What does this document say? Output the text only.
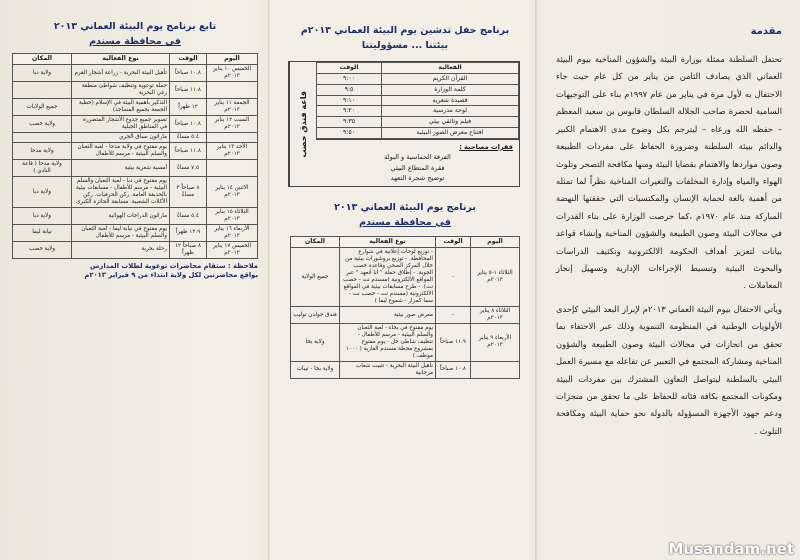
تابع برنامج يوم البيئة العماني ٢٠١٣
في محافظة مسندم
اليوم	الوقت	نوع الفعالية	المكان
الخميس ١٠ يناير ٢٠١٣م	١٠.٨ صباحاً	تأهيل البيئة البحرية - زراعة أشجار القرم	ولاية دبا
	١١.٨ صباحاً	حملة توعوية وتنظيف شواطئ منطقة زغي البحرية	
الجمعة ١١ يناير ٢٠١٣م	١٢ ظهراً	التذكير بأهمية البيئة في الإسلام (خطبة الجمعة بجميع المساجد)	جميع الولايات
السبت ١٢ يناير ٢٠١٣م	١٠.٨ صباحاً	تصوير جميع جذوع الأشجار المتضررة في المناطق الجبلية	ولاية خصب
	٥.٤ مساءً	ماراثون سباق الجري	
الأحد ١٣ يناير ٢٠١٣م	١١.٨ صباحاً	يوم مفتوح في ولاية مدحا - لعبة الثعبان والسلم البيئية - مرسم للأطفال	ولاية مدحا
	٧.٥ مساءً	أمسية شعرية بيئية	ولاية مدحا ( قاعة النادي )
الاثنين ١٤ يناير ٢٠١٣م	٨ صباحاً ٣ مساءً	يوم مفتوح في دبا - لعبة الثعبان والسلم البيئية - مرسم للأطفال - مسابقات بيئية بالحديقة العامة. ركن الحرفيات. ركن الأكلات الشعبية. مسابقة الجائزة الكبرى	ولاية دبا
الثلاثاء ١٥ يناير ٢٠١٣م	٥.٤ مساءً	ماراثون الدراجات الهوائية	ولاية دبا
الأربعاء ١٦ يناير ٢٠١٣م	١٢.٩ ظهراً	يوم مفتوح في نيابة ليما - لعبة الثعبان والسلم البيئية - مرسم للأطفال	نيابة ليما
الخميس ١٧ يناير ٢٠١٣م	٨ صباحاً ١٢ ظهراً	رحلة بحرية	ولاية خصب
ملاحظة : ستقام محاضرات توعوية لطلاب المدارس
بواقع محاضرتين لكل ولاية ابتداء من ٩ فبراير ٢٠١٣م
برنامج حفل تدشين يوم البيئة العماني ٢٠١٣م
بيئتنا ... مسؤوليتنا
الفعالية	الوقت
القرآن الكريم	٩:٠٠
كلمة الوزارة	٩:٥
قصيدة شعرية	٩:١٠
لوحة مدرسية	٩:٢٠
فيلم وثائقي بيئي	٩:٣٥
افتتاح معرض الصور البيئية	٩:٥٠
فقرات مصاحبة :
الفرقة الحماسية و البولة
فقرة المتطاع البيئي
توضيح شجرة التعهد
قاعة فندق خصب
برنامج يوم البيئة العماني ٢٠١٣
في محافظة مسندم
اليوم	الوقت	نوع الفعالية	المكان
الثلاثاء ١-٥ يناير ٢٠١٣م	-	- توزيع لوحات إعلانية في شوارع المحافظة. - توزيع بروشورات بيئية من خلال المركز الصحي وقاعدة خصب الجوية. - إطلاق حملة " أنا أتعهد " عبر المواقع الالكترونية (مسندم نت - خصب نت). - طرح مسابقات بيئية في المواقع الالكترونية (مسندم نت - خصب نت - سما كمزار - شموع ليما )	جميع الولاية
الثلاثاء ٨ يناير ٢٠١٣م	-	معرض صور بيئية	فندق جولدن توليب
الأربعاء ٩ يناير ٢٠١٣م	١١.٩ صباحاً	يوم مفتوح في بخاء - لعبة الثعبان والسلم البيئية - مرسم للأطفال - تنظيف شاطئ خل - يوم مفتوح بمشروع محطة مسندم الغازية ( ١٠٠٠ موظف )	ولاية بخا
	١٠.٨ صباحاً	تأهيل البيئة البحرية - تثبيت شعاب مرجانية	ولاية بخا - تيبات
مقدمة

تحتفل السلطنة ممثلة بوزارة البيئة والشؤون المناخية بيوم البيئة العماني الذي يصادف الثامن من يناير من كل عام حيث جاء الاحتفال به لأول مرة في يناير من عام ١٩٩٧م بناء على التوجيهات السامية لحضرة صاحب الجلالة السلطان قابوس بن سعيد المعظم – حفظه الله ورعاه – ليترجم بكل وضوح مدى الاهتمام الكبير والدائم ببيئة السلطنة وضرورة الحفاظ على مفردات الطبيعة وصون مواردها والاهتمام بقضايا البيئة ومنها مكافحة التصحر وتلوث الهواء والمياه وإدارة المخلفات والتغيرات المناخية نظراً لما تمثله من أهمية بالغة لحماية الإنسان والمكتسبات التي حققتها النهضة المباركة منذ عام ١٩٧٠م ،كما حرصت الوزارة على بناء القدرات في مجالات البيئة وصون الطبيعة والشؤون المناخية وإنشاء قواعد بيانات لتعزيز أهداف الحكومة الالكترونية وتكثيف الدراسات والبحوث البيئية وتبسيط الإجراءات الإدارية وتسهيل إنجاز المعاملات .

ويأتي الاحتفال بيوم البيئة العماني ٢٠١٣م لإبراز البعد البيئي كإحدى الأولويات الوطنية في المنظومة التنموية وذلك عبر الاحتفاء بما تحقق من انجازات في مجالات البيئة وصون الطبيعة والشؤون المناخية ومشاركة المجتمع في التعبير عن تفاعله مع مسيرة العمل البيئي بالسلطنة ليتواصل التعاون المشترك بين مفردات البيئة ومكونات المجتمع بكافة فئاته للحفاظ على ما تحقق من منجزات ودعم جهود الأجهزة المسؤولة بالدولة نحو حماية البيئة ومكافحة التلوث .

Musandam.net
